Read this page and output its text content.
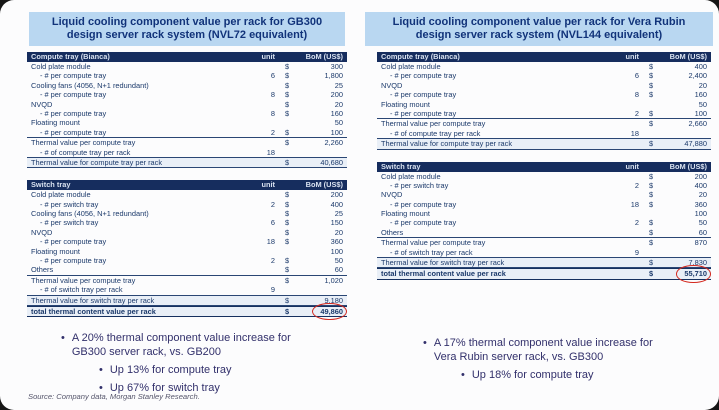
Liquid cooling component value per rack for GB300 design server rack system (NVL72 equivalent)
Compute tray (Bianca)	unit	BoM (US$)
Cold plate module	$	300
- # per compute tray	6	$	1,800
Cooling fans (4056, N+1 redundant)	$	25
- # per compute tray	8	$	200
NVQD	$	20
- # per compute tray	8	$	160
Floating mount	50
- # per compute tray	2	$	100
Thermal value per compute tray	$	2,260
- # of compute tray per rack	18
Thermal value for compute tray per rack	$	40,680
Switch tray	unit	BoM (US$)
Cold plate module	$	200
- # per switch tray	2	$	400
Cooling fans (4056, N+1 redundant)	$	25
- # per switch tray	6	$	150
NVQD	$	20
- # per compute tray	18	$	360
Floating mount	100
- # per compute tray	2	$	50
Others	$	60
Thermal value per compute tray	$	1,020
- # of switch tray per rack	9
Thermal value for switch tray per rack	$	9,180
total thermal content value per rack	$	49,860
• A 20% thermal component value increase for GB300 server rack, vs. GB200
• Up 13% for compute tray
• Up 67% for switch tray
Liquid cooling component value per rack for Vera Rubin design server rack system (NVL144 equivalent)
Compute tray (Bianca)	unit	BoM (US$)
Cold plate module	$	400
- # per compute tray	6	$	2,400
NVQD	$	20
- # per compute tray	8	$	160
Floating mount	50
- # per compute tray	2	$	100
Thermal value per compute tray	$	2,660
- # of compute tray per rack	18
Thermal value for compute tray per rack	$	47,880
Switch tray	unit	BoM (US$)
Cold plate module	$	200
- # per switch tray	2	$	400
NVQD	$	20
- # per compute tray	18	$	360
Floating mount	100
- # per compute tray	2	$	50
Others	$	60
Thermal value per compute tray	$	870
- # of switch tray per rack	9
Thermal value for switch tray per rack	$	7,830
total thermal content value per rack	$	55,710
• A 17% thermal component value increase for Vera Rubin server rack, vs. GB300
• Up 18% for compute tray
Source: Company data, Morgan Stanley Research.
